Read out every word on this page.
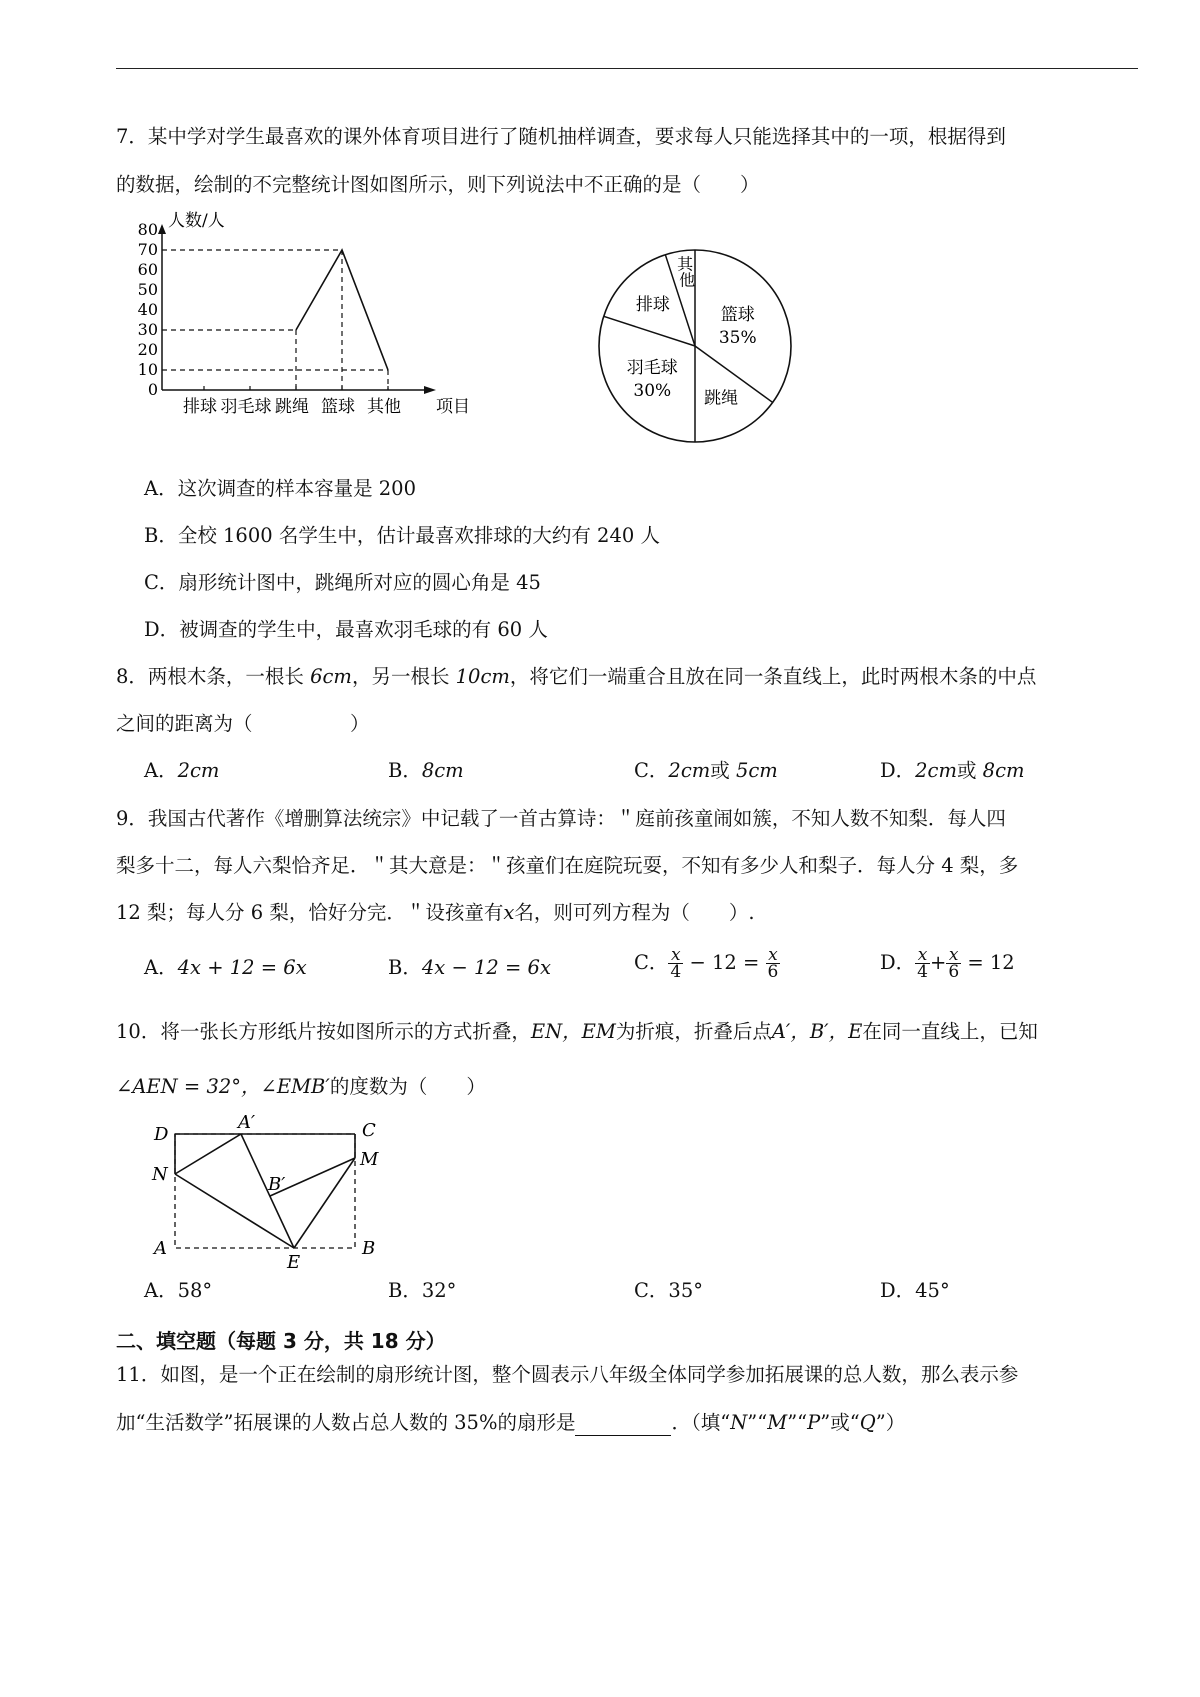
7．某中学对学生最喜欢的课外体育项目进行了随机抽样调查，要求每人只能选择其中的一项，根据得到
的数据，绘制的不完整统计图如图所示，则下列说法中不正确的是（　　）
0
10
20
30
40
50
60
70
80 人数/人
项目
排球 羽毛球 跳绳 篮球 其他
篮球
35%
跳绳
羽毛球
30%
排球
其
他
A．这次调查的样本容量是 200
B．全校 1600 名学生中，估计最喜欢排球的大约有 240 人
C．扇形统计图中，跳绳所对应的圆心角是 45
D．被调查的学生中，最喜欢羽毛球的有 60 人
8．两根木条，一根长 6cm，另一根长 10cm，将它们一端重合且放在同一条直线上，此时两根木条的中点
之间的距离为（　　　　　）
A．2cm	B．8cm	C．2cm或 5cm	D．2cm或 8cm
9．我国古代著作《增删算法统宗》中记载了一首古算诗：＂庭前孩童闹如簇，不知人数不知梨．每人四
梨多十二，每人六梨恰齐足．＂其大意是：＂孩童们在庭院玩耍，不知有多少人和梨子．每人分 4 梨，多
12 梨；每人分 6 梨，恰好分完．＂设孩童有x名，则可列方程为（　　）.
A．4x + 12 = 6x	B．4x − 12 = 6x	C． $\frac{x}{4} - 12 = \frac{x}{6}$	D． $\frac{x}{4} + \frac{x}{6} = 12$
10．将一张长方形纸片按如图所示的方式折叠，EN，EM为折痕，折叠后点A′，B′，E在同一直线上，已知
∠AEN = 32°，∠EMB′的度数为（　　）
D
A′	C
M
N	B′
A
E
B
A．58°	B．32°	C．35°	D．45°
二、填空题（每题 3 分，共 18 分）
11．如图，是一个正在绘制的扇形统计图，整个圆表示八年级全体同学参加拓展课的总人数，那么表示参
加“生活数学”拓展课的人数占总人数的 35%的扇形是	．（填“N”“M”“P”或“Q”）
